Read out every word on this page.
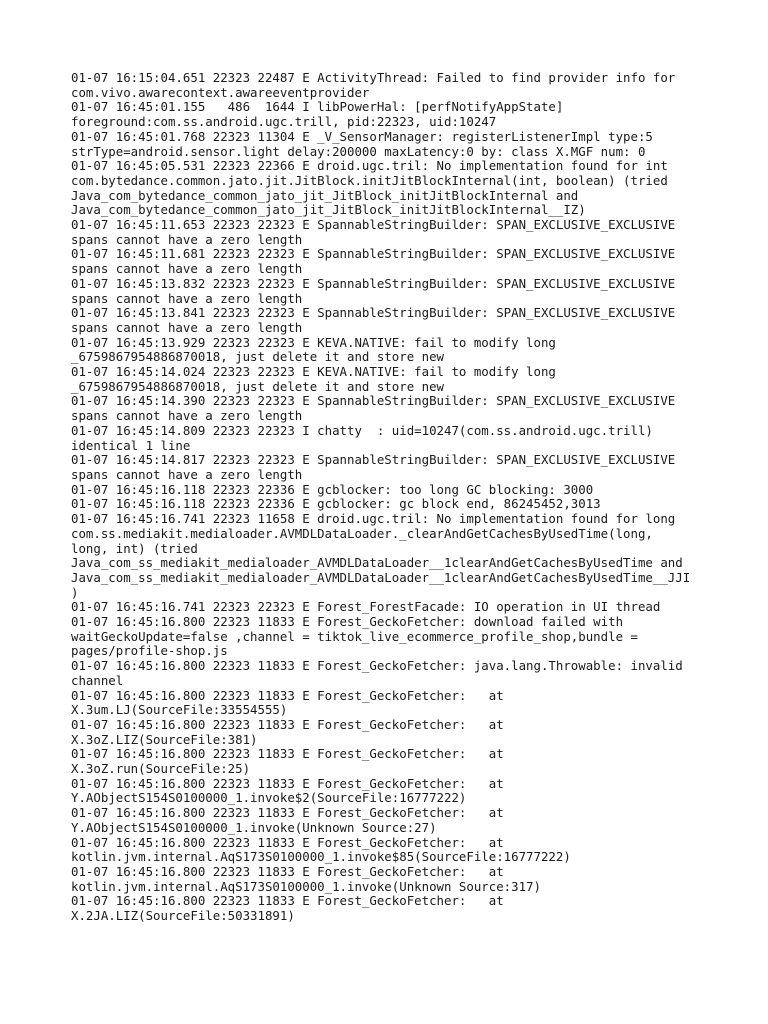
01-07 16:15:04.651 22323 22487 E ActivityThread: Failed to find provider info for
com.vivo.awarecontext.awareeventprovider
01-07 16:45:01.155   486  1644 I libPowerHal: [perfNotifyAppState]
foreground:com.ss.android.ugc.trill, pid:22323, uid:10247
01-07 16:45:01.768 22323 11304 E _V_SensorManager: registerListenerImpl type:5
strType=android.sensor.light delay:200000 maxLatency:0 by: class X.MGF num: 0
01-07 16:45:05.531 22323 22366 E droid.ugc.tril: No implementation found for int
com.bytedance.common.jato.jit.JitBlock.initJitBlockInternal(int, boolean) (tried
Java_com_bytedance_common_jato_jit_JitBlock_initJitBlockInternal and
Java_com_bytedance_common_jato_jit_JitBlock_initJitBlockInternal__IZ)
01-07 16:45:11.653 22323 22323 E SpannableStringBuilder: SPAN_EXCLUSIVE_EXCLUSIVE
spans cannot have a zero length
01-07 16:45:11.681 22323 22323 E SpannableStringBuilder: SPAN_EXCLUSIVE_EXCLUSIVE
spans cannot have a zero length
01-07 16:45:13.832 22323 22323 E SpannableStringBuilder: SPAN_EXCLUSIVE_EXCLUSIVE
spans cannot have a zero length
01-07 16:45:13.841 22323 22323 E SpannableStringBuilder: SPAN_EXCLUSIVE_EXCLUSIVE
spans cannot have a zero length
01-07 16:45:13.929 22323 22323 E KEVA.NATIVE: fail to modify long
_6759867954886870018, just delete it and store new
01-07 16:45:14.024 22323 22323 E KEVA.NATIVE: fail to modify long
_6759867954886870018, just delete it and store new
01-07 16:45:14.390 22323 22323 E SpannableStringBuilder: SPAN_EXCLUSIVE_EXCLUSIVE
spans cannot have a zero length
01-07 16:45:14.809 22323 22323 I chatty  : uid=10247(com.ss.android.ugc.trill)
identical 1 line
01-07 16:45:14.817 22323 22323 E SpannableStringBuilder: SPAN_EXCLUSIVE_EXCLUSIVE
spans cannot have a zero length
01-07 16:45:16.118 22323 22336 E gcblocker: too long GC blocking: 3000
01-07 16:45:16.118 22323 22336 E gcblocker: gc block end, 86245452,3013
01-07 16:45:16.741 22323 11658 E droid.ugc.tril: No implementation found for long
com.ss.mediakit.medialoader.AVMDLDataLoader._clearAndGetCachesByUsedTime(long,
long, int) (tried
Java_com_ss_mediakit_medialoader_AVMDLDataLoader__1clearAndGetCachesByUsedTime and
Java_com_ss_mediakit_medialoader_AVMDLDataLoader__1clearAndGetCachesByUsedTime__JJI
)
01-07 16:45:16.741 22323 22323 E Forest_ForestFacade: IO operation in UI thread
01-07 16:45:16.800 22323 11833 E Forest_GeckoFetcher: download failed with
waitGeckoUpdate=false ,channel = tiktok_live_ecommerce_profile_shop,bundle =
pages/profile-shop.js
01-07 16:45:16.800 22323 11833 E Forest_GeckoFetcher: java.lang.Throwable: invalid
channel
01-07 16:45:16.800 22323 11833 E Forest_GeckoFetcher:	at
X.3um.LJ(SourceFile:33554555)
01-07 16:45:16.800 22323 11833 E Forest_GeckoFetcher:	at
X.3oZ.LIZ(SourceFile:381)
01-07 16:45:16.800 22323 11833 E Forest_GeckoFetcher:	at
X.3oZ.run(SourceFile:25)
01-07 16:45:16.800 22323 11833 E Forest_GeckoFetcher:	at
Y.AObjectS154S0100000_1.invoke$2(SourceFile:16777222)
01-07 16:45:16.800 22323 11833 E Forest_GeckoFetcher:	at
Y.AObjectS154S0100000_1.invoke(Unknown Source:27)
01-07 16:45:16.800 22323 11833 E Forest_GeckoFetcher:	at
kotlin.jvm.internal.AqS173S0100000_1.invoke$85(SourceFile:16777222)
01-07 16:45:16.800 22323 11833 E Forest_GeckoFetcher:	at
kotlin.jvm.internal.AqS173S0100000_1.invoke(Unknown Source:317)
01-07 16:45:16.800 22323 11833 E Forest_GeckoFetcher:	at
X.2JA.LIZ(SourceFile:50331891)
